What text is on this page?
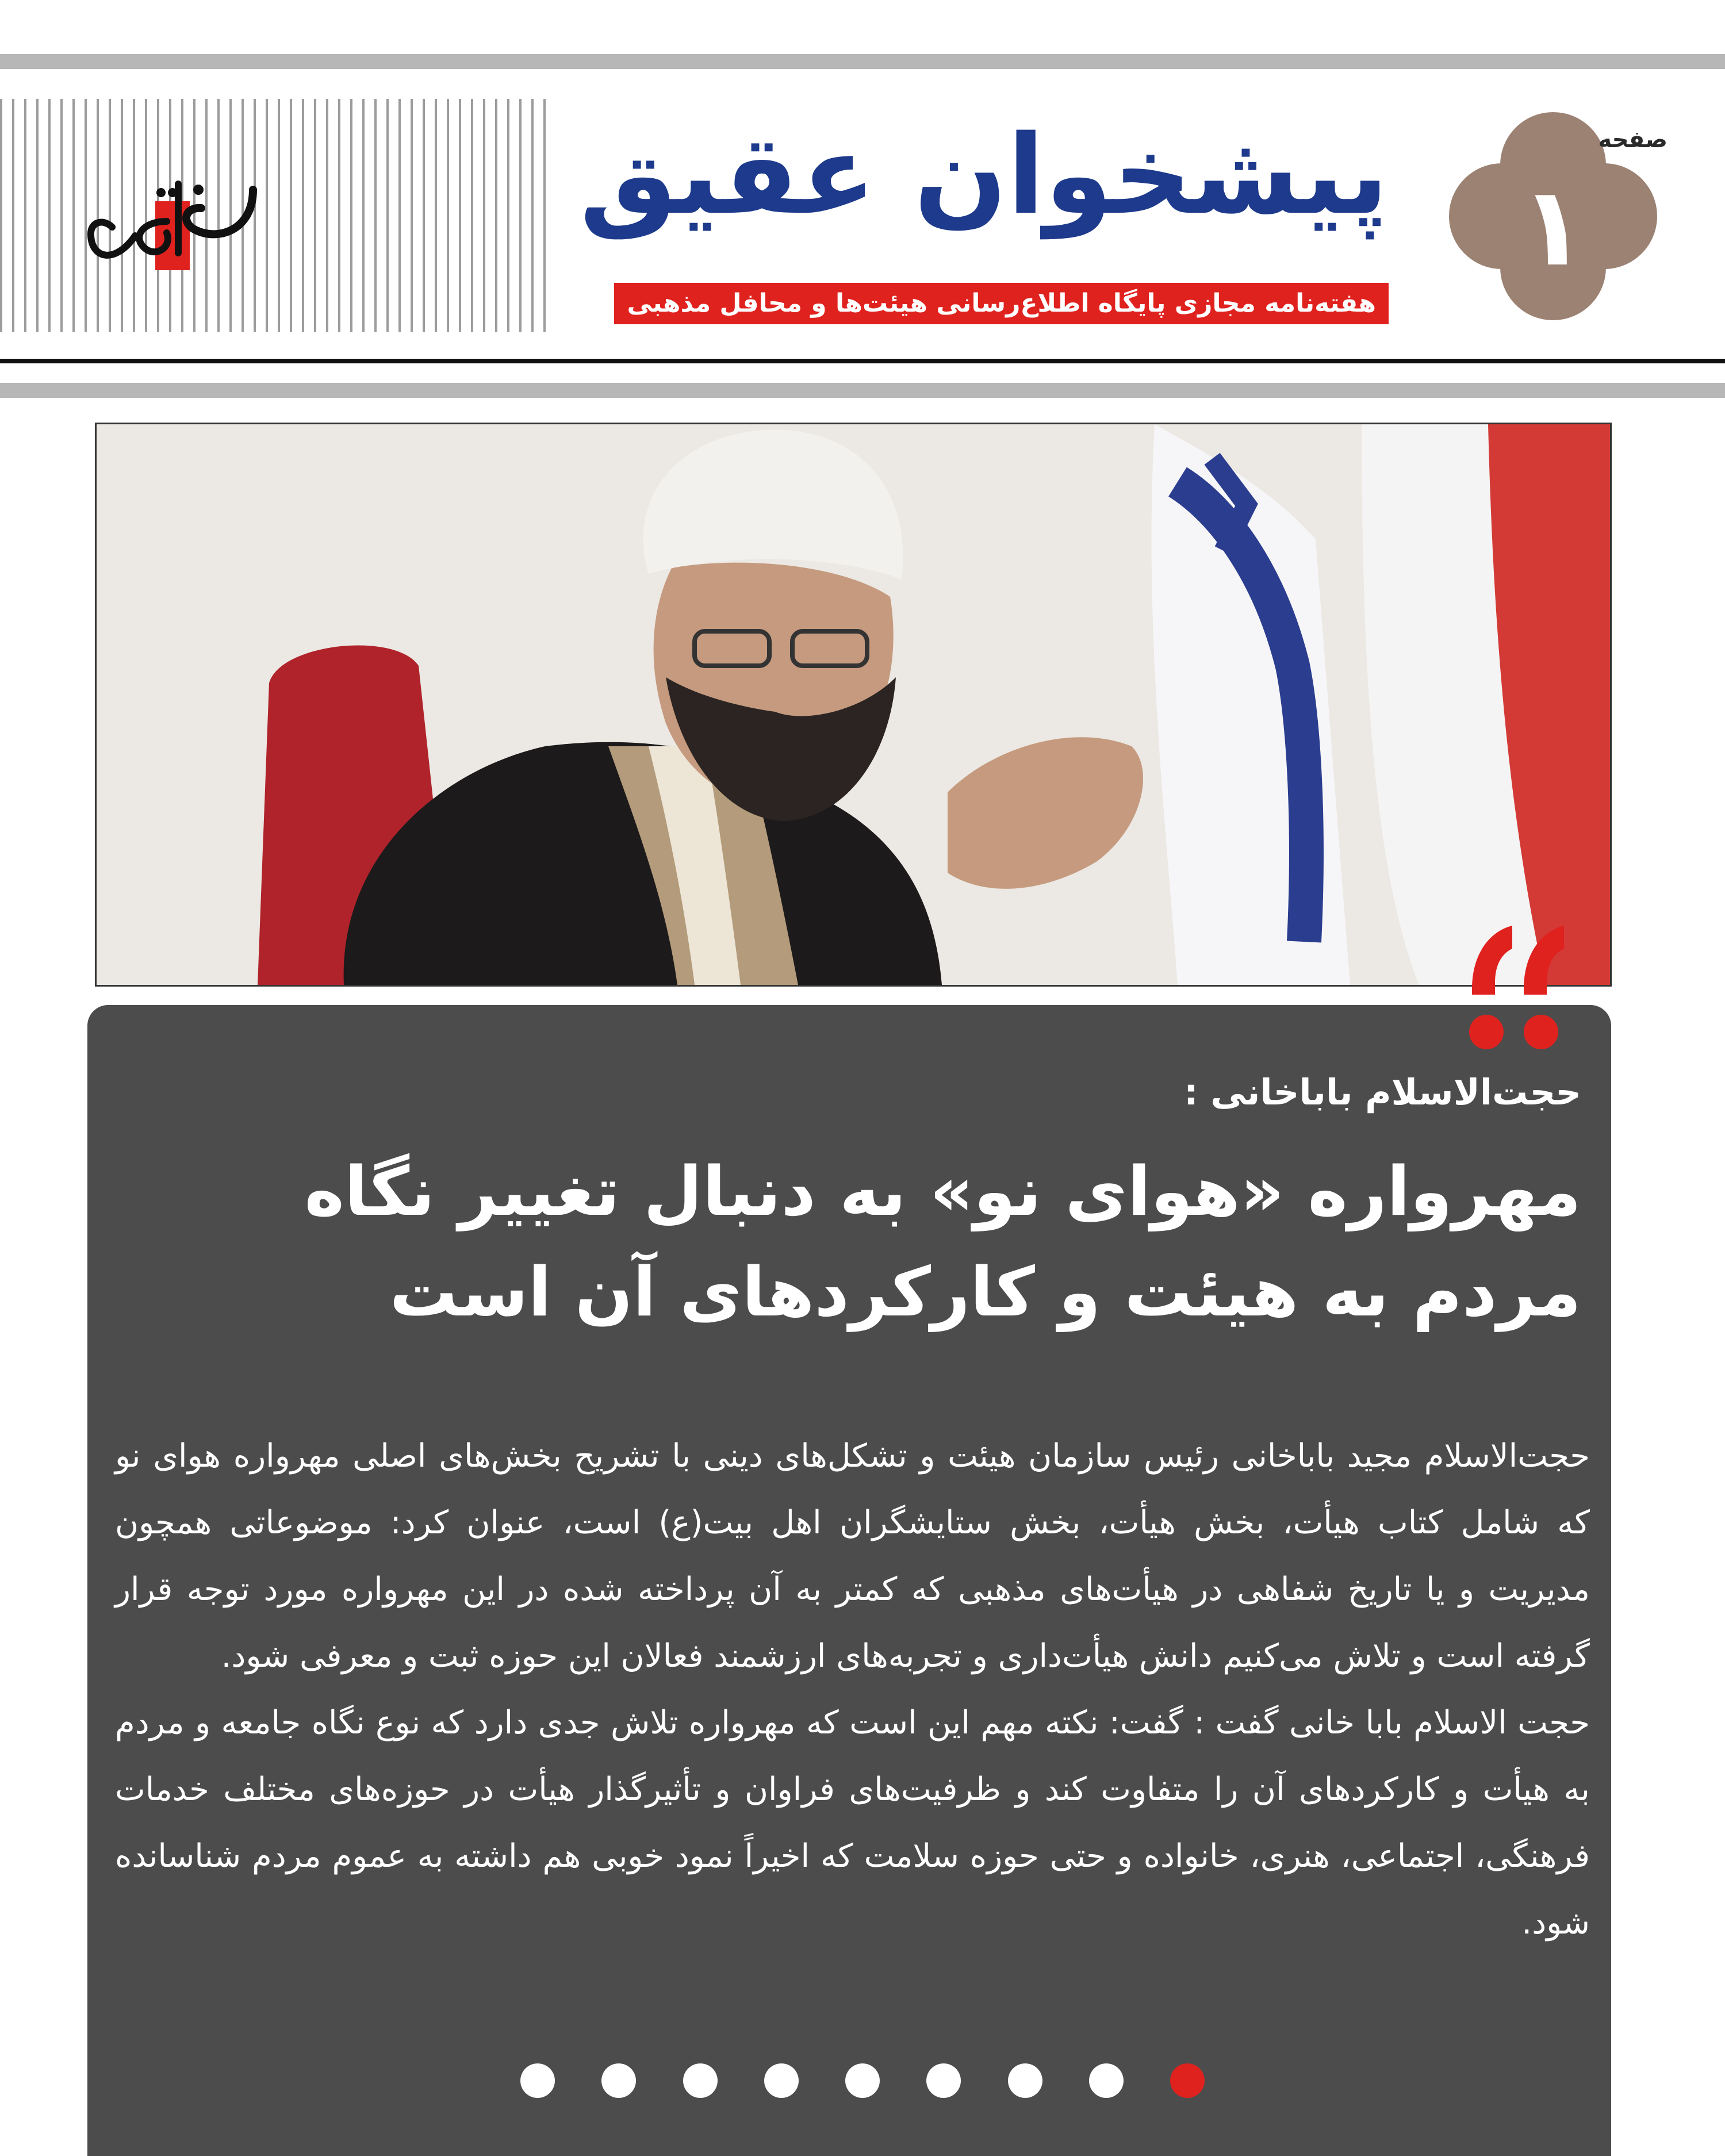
پیشخوان عقیق
هفته‌نامه مجازی پایگاه اطلاع‌رسانی هیئت‌ها و محافل مذهبی
صفحه
۱
حجت‌الاسلام باباخانی :
مهرواره «هوای نو» به دنبال تغییر نگاه
مردم به هیئت و کارکردهای آن است

حجت‌الاسلام مجید باباخانی رئیس سازمان هیئت و تشکل‌های دینی با تشریح بخش‌های اصلی مهرواره هوای نو که شامل کتاب هیأت، بخش هیأت، بخش ستایشگران اهل بیت(ع) است، عنوان کرد: موضوعاتی همچون مدیریت و یا تاریخ شفاهی در هیأت‌های مذهبی که کمتر به آن پرداخته شده در این مهرواره مورد توجه قرار گرفته است و تلاش می‌کنیم دانش هیأت‌داری و تجربه‌های ارزشمند فعالان این حوزه ثبت و معرفی شود.

حجت الاسلام بابا خانی گفت : گفت: نکته مهم این است که مهرواره تلاش جدی دارد که نوع نگاه جامعه و مردم به هیأت و کارکردهای آن را متفاوت کند و ظرفیت‌های فراوان و تأثیرگذار هیأت در حوزه‌های مختلف خدمات فرهنگی، اجتماعی، هنری، خانواده و حتی حوزه سلامت که اخیراً نمود خوبی هم داشته به عموم مردم شناسانده شود.
